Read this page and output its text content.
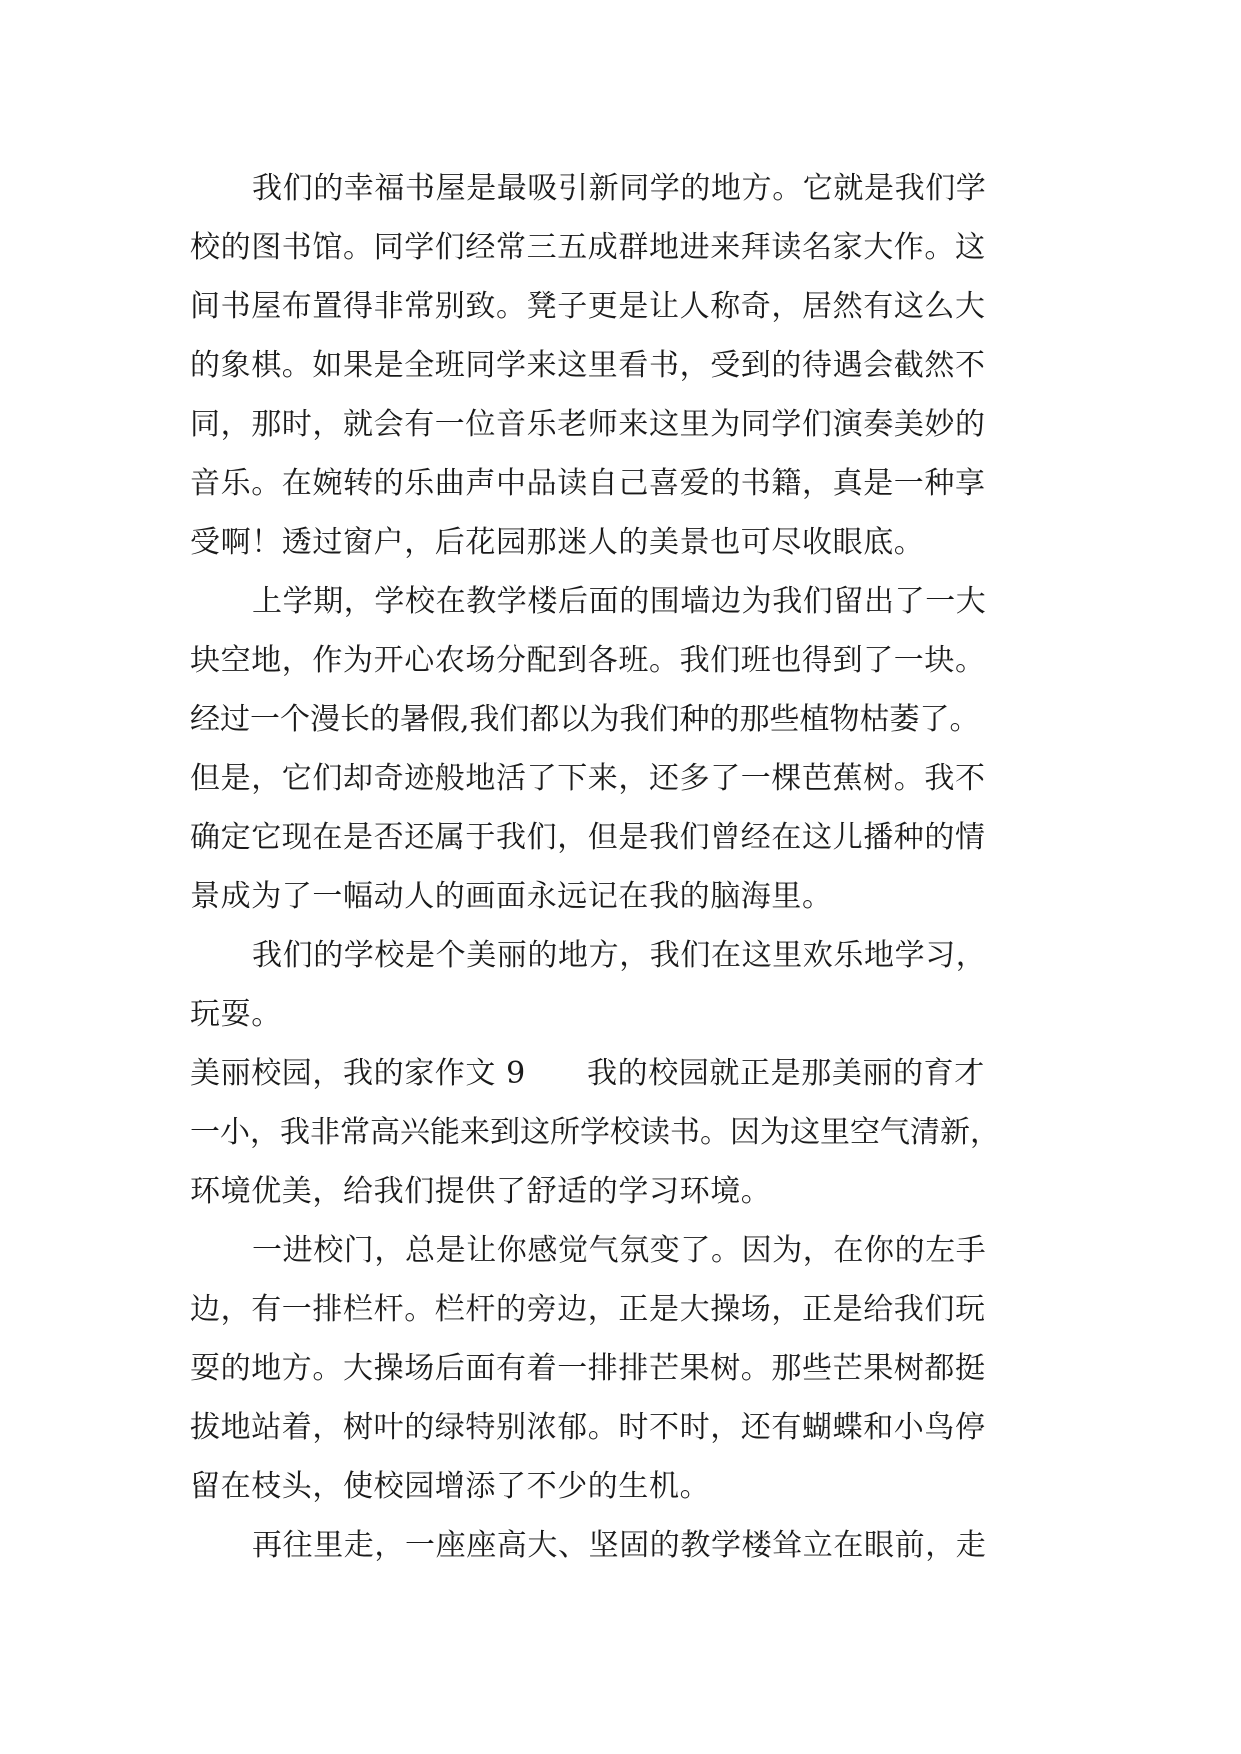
我们的幸福书屋是最吸引新同学的地方。它就是我们学
校的图书馆。同学们经常三五成群地进来拜读名家大作。这
间书屋布置得非常别致。凳子更是让人称奇，居然有这么大
的象棋。如果是全班同学来这里看书，受到的待遇会截然不
同，那时，就会有一位音乐老师来这里为同学们演奏美妙的
音乐。在婉转的乐曲声中品读自己喜爱的书籍，真是一种享
受啊！透过窗户，后花园那迷人的美景也可尽收眼底。
上学期，学校在教学楼后面的围墙边为我们留出了一大
块空地，作为开心农场分配到各班。我们班也得到了一块。
经过一个漫长的暑假,我们都以为我们种的那些植物枯萎了。
但是，它们却奇迹般地活了下来，还多了一棵芭蕉树。我不
确定它现在是否还属于我们，但是我们曾经在这儿播种的情
景成为了一幅动人的画面永远记在我的脑海里。
我们的学校是个美丽的地方，我们在这里欢乐地学习，
玩耍。
美丽校园，我的家作文 9　　我的校园就正是那美丽的育才
一小，我非常高兴能来到这所学校读书。因为这里空气清新，
环境优美，给我们提供了舒适的学习环境。
一进校门，总是让你感觉气氛变了。因为，在你的左手
边，有一排栏杆。栏杆的旁边，正是大操场，正是给我们玩
耍的地方。大操场后面有着一排排芒果树。那些芒果树都挺
拔地站着，树叶的绿特别浓郁。时不时，还有蝴蝶和小鸟停
留在枝头，使校园增添了不少的生机。
再往里走，一座座高大、坚固的教学楼耸立在眼前，走
